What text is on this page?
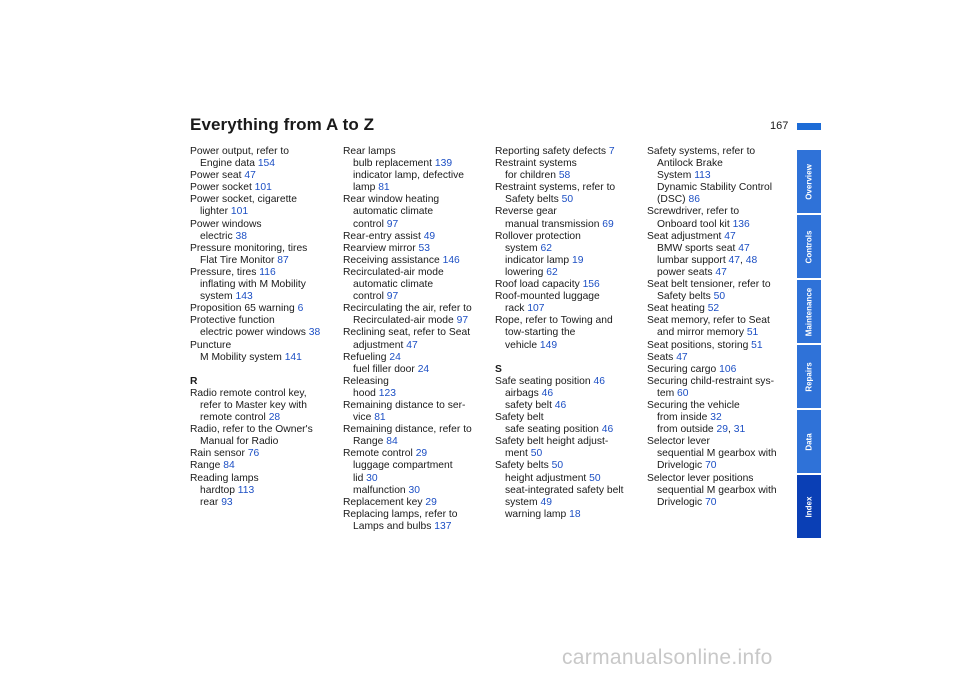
Everything from A to Z	167
Power output, refer to
Engine data 154
Power seat 47
Power socket 101
Power socket, cigarette
lighter 101
Power windows
electric 38
Pressure monitoring, tires
Flat Tire Monitor 87
Pressure, tires 116
inflating with M Mobility
system 143
Proposition 65 warning 6
Protective function
electric power windows 38
Puncture
M Mobility system 141
R
Radio remote control key,
refer to Master key with
remote control 28
Radio, refer to the Owner's
Manual for Radio
Rain sensor 76
Range 84
Reading lamps
hardtop 113
rear 93
Rear lamps
bulb replacement 139
indicator lamp, defective
lamp 81
Rear window heating
automatic climate
control 97
Rear-entry assist 49
Rearview mirror 53
Receiving assistance 146
Recirculated-air mode
automatic climate
control 97
Recirculating the air, refer to
Recirculated-air mode 97
Reclining seat, refer to Seat
adjustment 47
Refueling 24
fuel filler door 24
Releasing
hood 123
Remaining distance to ser-
vice 81
Remaining distance, refer to
Range 84
Remote control 29
luggage compartment
lid 30
malfunction 30
Replacement key 29
Replacing lamps, refer to
Lamps and bulbs 137
Reporting safety defects 7
Restraint systems
for children 58
Restraint systems, refer to
Safety belts 50
Reverse gear
manual transmission 69
Rollover protection
system 62
indicator lamp 19
lowering 62
Roof load capacity 156
Roof-mounted luggage
rack 107
Rope, refer to Towing and
tow-starting the
vehicle 149
S
Safe seating position 46
airbags 46
safety belt 46
Safety belt
safe seating position 46
Safety belt height adjust-
ment 50
Safety belts 50
height adjustment 50
seat-integrated safety belt
system 49
warning lamp 18
Safety systems, refer to
Antilock Brake
System 113
Dynamic Stability Control
(DSC) 86
Screwdriver, refer to
Onboard tool kit 136
Seat adjustment 47
BMW sports seat 47
lumbar support 47, 48
power seats 47
Seat belt tensioner, refer to
Safety belts 50
Seat heating 52
Seat memory, refer to Seat
and mirror memory 51
Seat positions, storing 51
Seats 47
Securing cargo 106
Securing child-restraint sys-
tem 60
Securing the vehicle
from inside 32
from outside 29, 31
Selector lever
sequential M gearbox with
Drivelogic 70
Selector lever positions
sequential M gearbox with
Drivelogic 70
Overview
Controls
Maintenance
Repairs
Data
Index
carmanualsonline.info
